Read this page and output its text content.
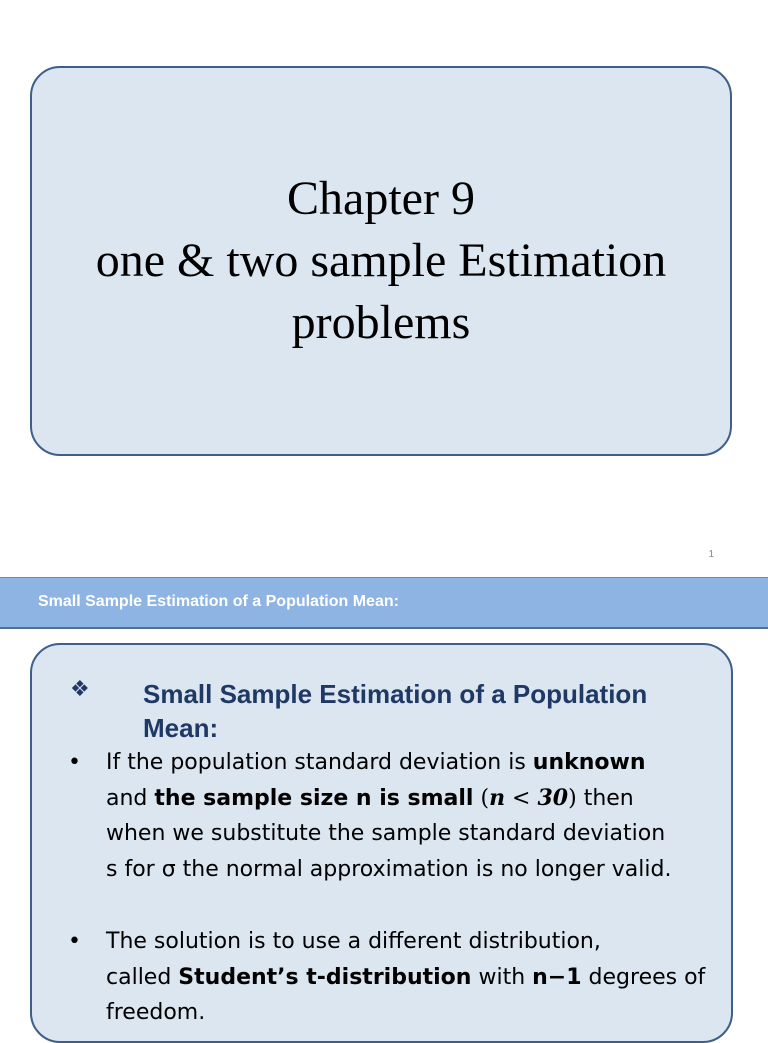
Chapter 9
one & two sample Estimation
problems
1
Small Sample Estimation of a Population Mean:
❖ Small Sample Estimation of a Population
Mean:
•	If the population standard deviation is unknown
and the sample size n is small (n < 30) then
when we substitute the sample standard deviation
s for σ the normal approximation is no longer valid.
•	The solution is to use a different distribution,
called Student’s t-distribution with n−1 degrees of
freedom.
